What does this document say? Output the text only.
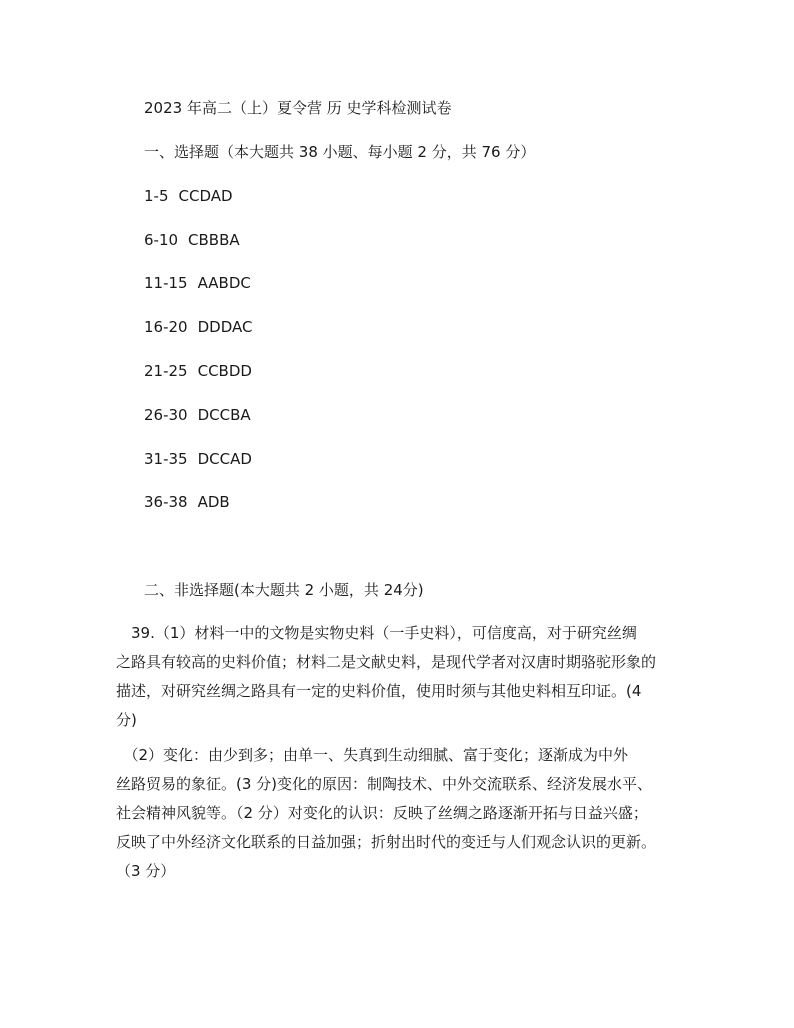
2023 年高二（上）夏令营 历 史学科检测试卷
一、选择题（本大题共 38 小题、每小题 2 分，共 76 分）
1-5 CCDAD
6-10 CBBBA
11-15 AABDC
16-20 DDDAC
21-25 CCBDD
26-30 DCCBA
31-35 DCCAD
36-38 ADB
二、非选择题(本大题共 2 小题，共 24分)
　39.（1）材料一中的文物是实物史料（一手史料），可信度高，对于研究丝绸
之路具有较高的史料价值；材料二是文献史料，是现代学者对汉唐时期骆驼形象的
描述，对研究丝绸之路具有一定的史料价值，使用时须与其他史料相互印证。(4
分)
　（2）变化：由少到多；由单一、失真到生动细腻、富于变化；逐渐成为中外
丝路贸易的象征。(3 分)变化的原因：制陶技术、中外交流联系、经济发展水平、
社会精神风貌等。（2 分）对变化的认识：反映了丝绸之路逐渐开拓与日益兴盛；
反映了中外经济文化联系的日益加强；折射出时代的变迁与人们观念认识的更新。
（3 分）
